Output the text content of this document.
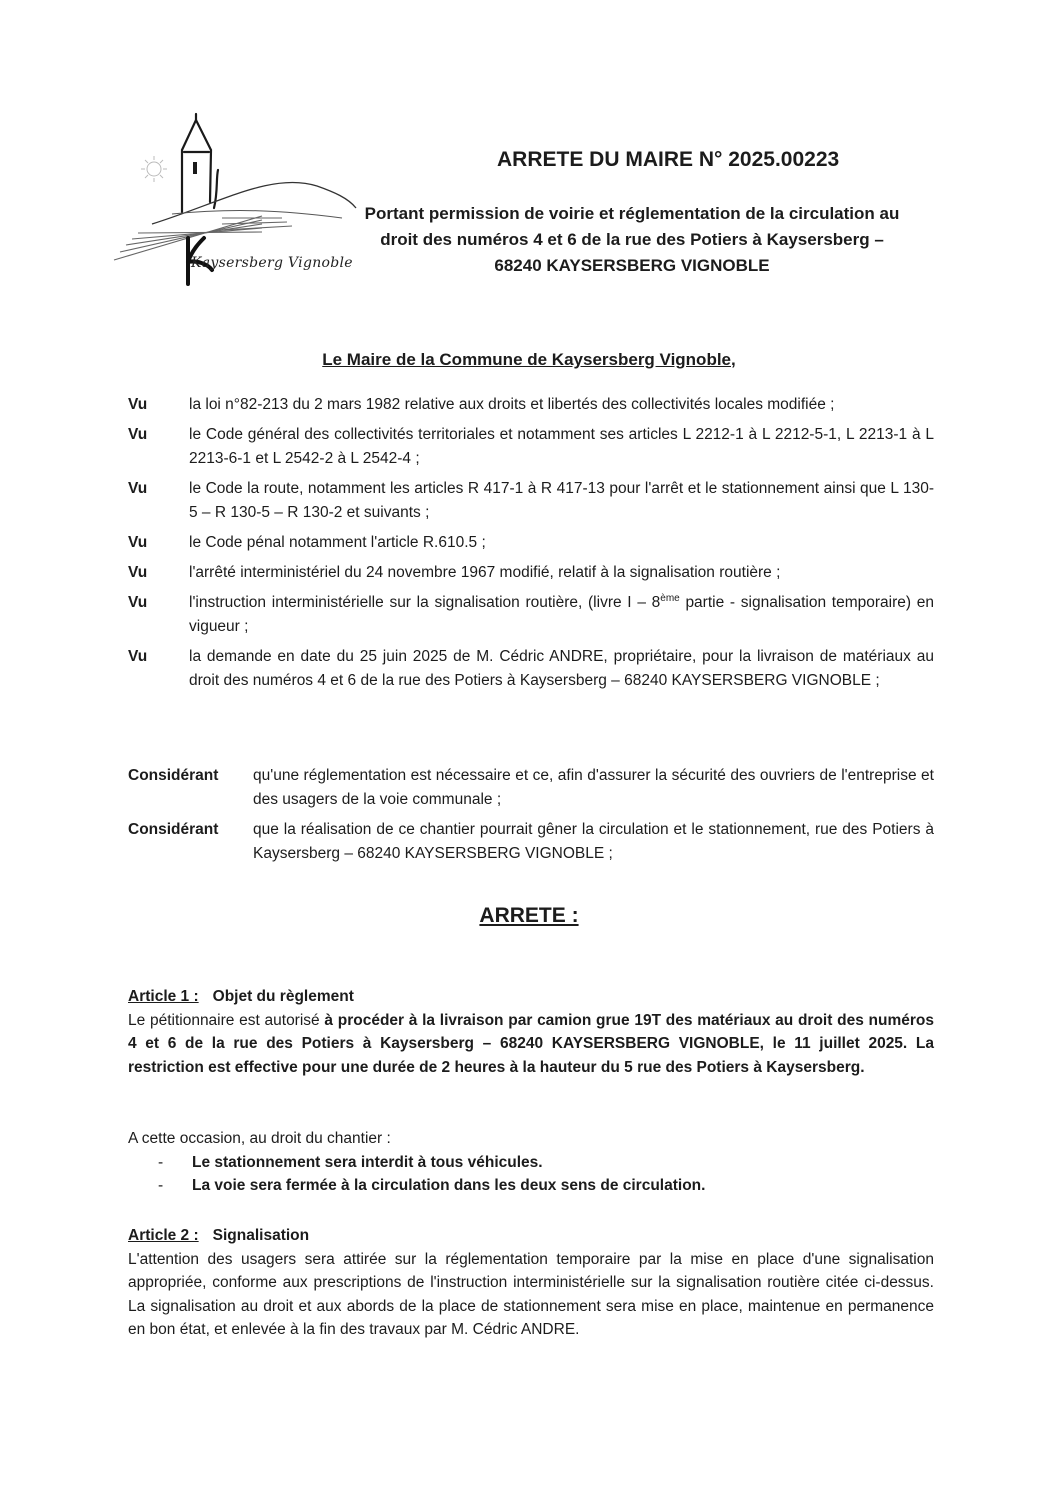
Kaysersberg Vignoble
ARRETE DU MAIRE N° 2025.00223

Portant permission de voirie et réglementation de la circulation au droit des numéros 4 et 6 de la rue des Potiers à Kaysersberg – 68240 KAYSERSBERG VIGNOBLE

Le Maire de la Commune de Kaysersberg Vignoble,
Vu	la loi n°82-213 du 2 mars 1982 relative aux droits et libertés des collectivités locales modifiée ;
Vu	le Code général des collectivités territoriales et notamment ses articles L 2212-1 à L 2212-5-1, L 2213-1 à L 2213-6-1 et L 2542-2 à L 2542-4 ;
Vu	le Code la route, notamment les articles R 417-1 à R 417-13 pour l'arrêt et le stationnement ainsi que L 130-5 – R 130-5 – R 130-2 et suivants ;
Vu	le Code pénal notamment l'article R.610.5 ;
Vu	l'arrêté interministériel du 24 novembre 1967 modifié, relatif à la signalisation routière ;
Vu	l'instruction interministérielle sur la signalisation routière, (livre I – 8ème partie - signalisation temporaire) en vigueur ;
Vu	la demande en date du 25 juin 2025 de M. Cédric ANDRE, propriétaire, pour la livraison de matériaux au droit des numéros 4 et 6 de la rue des Potiers à Kaysersberg – 68240 KAYSERSBERG VIGNOBLE ;
Considérant	qu'une réglementation est nécessaire et ce, afin d'assurer la sécurité des ouvriers de l'entreprise et des usagers de la voie communale ;
Considérant	que la réalisation de ce chantier pourrait gêner la circulation et le stationnement, rue des Potiers à Kaysersberg – 68240 KAYSERSBERG VIGNOBLE ;
ARRETE :
Article 1 : Objet du règlement
Le pétitionnaire est autorisé à procéder à la livraison par camion grue 19T des matériaux au droit des numéros 4 et 6 de la rue des Potiers à Kaysersberg – 68240 KAYSERSBERG VIGNOBLE, le 11 juillet 2025. La restriction est effective pour une durée de 2 heures à la hauteur du 5 rue des Potiers à Kaysersberg.
A cette occasion, au droit du chantier :
-	Le stationnement sera interdit à tous véhicules.
-	La voie sera fermée à la circulation dans les deux sens de circulation.
Article 2 : Signalisation
L'attention des usagers sera attirée sur la réglementation temporaire par la mise en place d'une signalisation appropriée, conforme aux prescriptions de l'instruction interministérielle sur la signalisation routière citée ci-dessus. La signalisation au droit et aux abords de la place de stationnement sera mise en place, maintenue en permanence en bon état, et enlevée à la fin des travaux par M. Cédric ANDRE.
